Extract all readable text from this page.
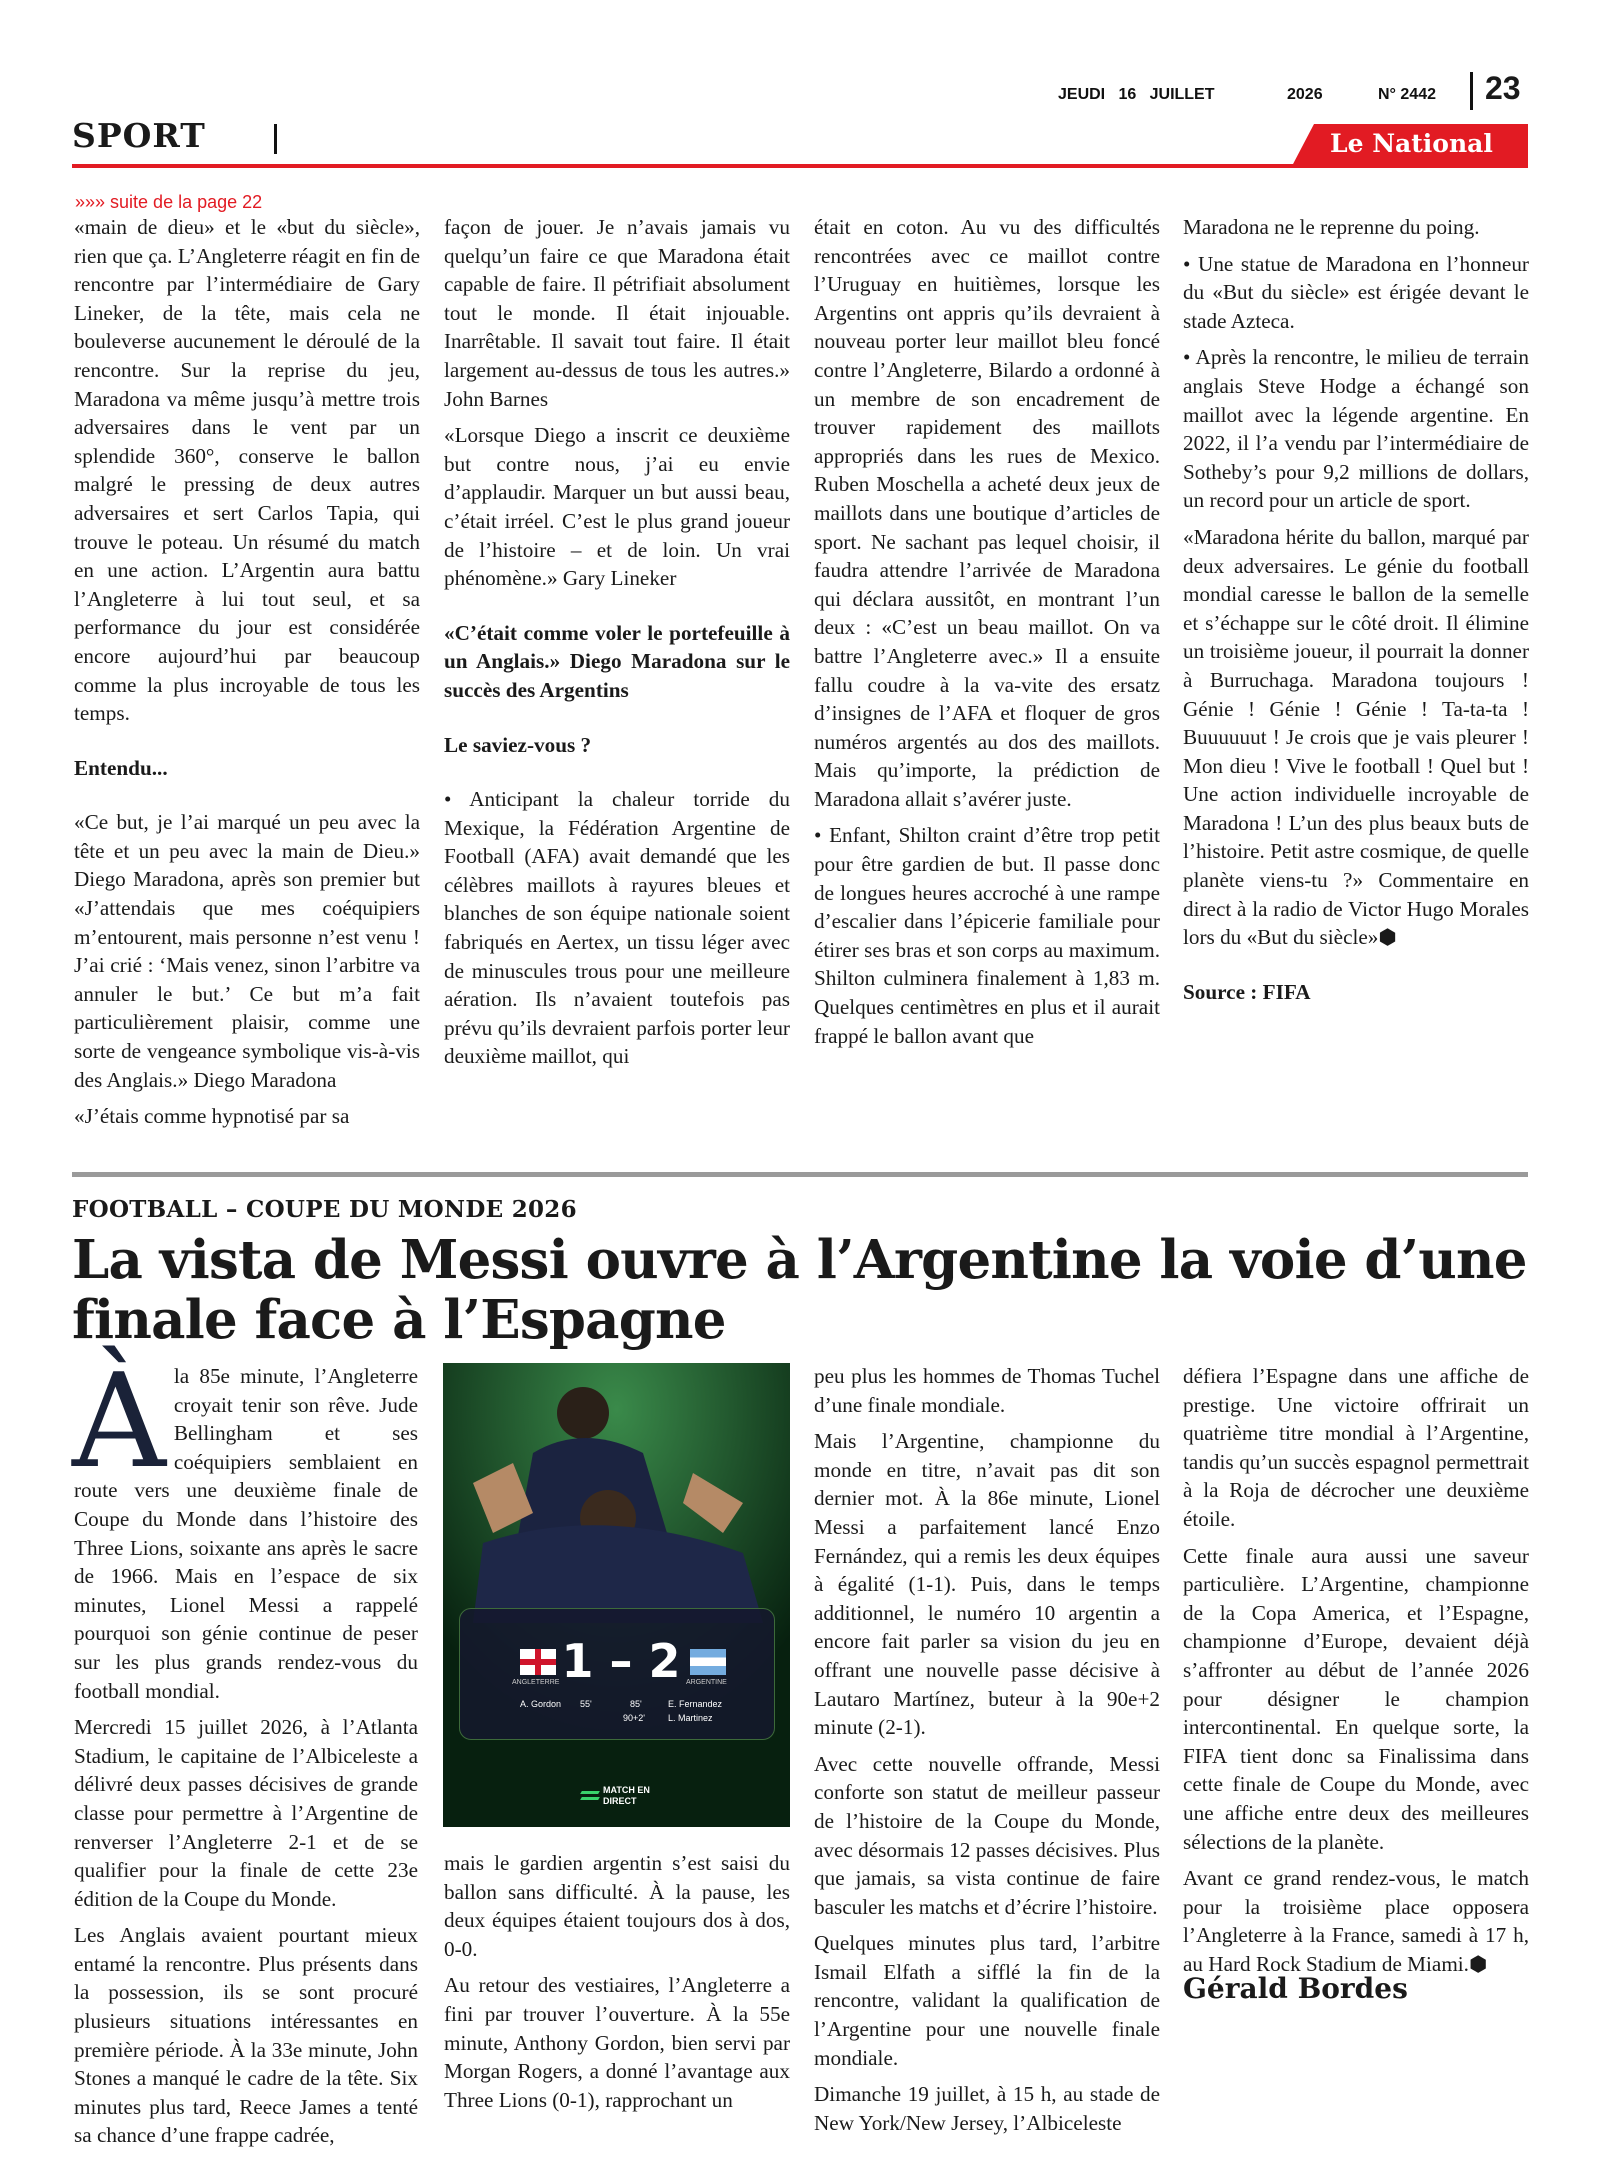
JEUDI 16 JUILLET	2026	N° 2442 23
SPORT	Le National
»»» suite de la page 22

«main de dieu» et le «but du siècle», rien que ça. L’Angleterre réagit en fin de rencontre par l’intermédiaire de Gary Lineker, de la tête, mais cela ne bouleverse aucunement le déroulé de la rencontre. Sur la reprise du jeu, Maradona va même jusqu’à mettre trois adversaires dans le vent par un splendide 360°, conserve le ballon malgré le pressing de deux autres adversaires et sert Carlos Tapia, qui trouve le poteau. Un résumé du match en une action. L’Argentin aura battu l’Angleterre à lui tout seul, et sa performance du jour est considérée encore aujourd’hui par beaucoup comme la plus incroyable de tous les temps.

Entendu...

«Ce but, je l’ai marqué un peu avec la tête et un peu avec la main de Dieu.» Diego Maradona, après son premier but «J’attendais que mes coéquipiers m’entourent, mais personne n’est venu ! J’ai crié : ‘Mais venez, sinon l’arbitre va annuler le but.’ Ce but m’a fait particulièrement plaisir, comme une sorte de vengeance symbolique vis-à-vis des Anglais.» Diego Maradona

«J’étais comme hypnotisé par sa

façon de jouer. Je n’avais jamais vu quelqu’un faire ce que Maradona était capable de faire. Il pétrifiait absolument tout le monde. Il était injouable. Inarrêtable. Il savait tout faire. Il était largement au-dessus de tous les autres.» John Barnes

«Lorsque Diego a inscrit ce deuxième but contre nous, j’ai eu envie d’applaudir. Marquer un but aussi beau, c’était irréel. C’est le plus grand joueur de l’histoire – et de loin. Un vrai phénomène.» Gary Lineker

«C’était comme voler le portefeuille à un Anglais.» Diego Maradona sur le succès des Argentins

Le saviez-vous ?

• Anticipant la chaleur torride du Mexique, la Fédération Argentine de Football (AFA) avait demandé que les célèbres maillots à rayures bleues et blanches de son équipe nationale soient fabriqués en Aertex, un tissu léger avec de minuscules trous pour une meilleure aération. Ils n’avaient toutefois pas prévu qu’ils devraient parfois porter leur deuxième maillot, qui

était en coton. Au vu des difficultés rencontrées avec ce maillot contre l’Uruguay en huitièmes, lorsque les Argentins ont appris qu’ils devraient à nouveau porter leur maillot bleu foncé contre l’Angleterre, Bilardo a ordonné à un membre de son encadrement de trouver rapidement des maillots appropriés dans les rues de Mexico. Ruben Moschella a acheté deux jeux de maillots dans une boutique d’articles de sport. Ne sachant pas lequel choisir, il faudra attendre l’arrivée de Maradona qui déclara aussitôt, en montrant l’un deux : «C’est un beau maillot. On va battre l’Angleterre avec.» Il a ensuite fallu coudre à la va-vite des ersatz d’insignes de l’AFA et floquer de gros numéros argentés au dos des maillots. Mais qu’importe, la prédiction de Maradona allait s’avérer juste.

• Enfant, Shilton craint d’être trop petit pour être gardien de but. Il passe donc de longues heures accroché à une rampe d’escalier dans l’épicerie familiale pour étirer ses bras et son corps au maximum. Shilton culminera finalement à 1,83 m. Quelques centimètres en plus et il aurait frappé le ballon avant que

Maradona ne le reprenne du poing.

• Une statue de Maradona en l’honneur du «But du siècle» est érigée devant le stade Azteca.

• Après la rencontre, le milieu de terrain anglais Steve Hodge a échangé son maillot avec la légende argentine. En 2022, il l’a vendu par l’intermédiaire de Sotheby’s pour 9,2 millions de dollars, un record pour un article de sport.

«Maradona hérite du ballon, marqué par deux adversaires. Le génie du football mondial caresse le ballon de la semelle et s’échappe sur le côté droit. Il élimine un troisième joueur, il pourrait la donner à Burruchaga. Maradona toujours ! Génie ! Génie ! Génie ! Ta-ta-ta ! Buuuuuut ! Je crois que je vais pleurer ! Mon dieu ! Vive le football ! Quel but ! Une action individuelle incroyable de Maradona ! L’un des plus beaux buts de l’histoire. Petit astre cosmique, de quelle planète viens-tu ?» Commentaire en direct à la radio de Victor Hugo Morales lors du «But du siècle»⬢

Source : FIFA

FOOTBALL – COUPE DU MONDE 2026
La vista de Messi ouvre à l’Argentine la voie d’une finale face à l’Espagne

Àla 85e minute, l’Angleterre croyait tenir son rêve. Jude Bellingham et ses coéquipiers semblaient en route vers une deuxième finale de Coupe du Monde dans l’histoire des Three Lions, soixante ans après le sacre de 1966. Mais en l’espace de six minutes, Lionel Messi a rappelé pourquoi son génie continue de peser sur les plus grands rendez-vous du football mondial.

Mercredi 15 juillet 2026, à l’Atlanta Stadium, le capitaine de l’Albiceleste a délivré deux passes décisives de grande classe pour permettre à l’Argentine de renverser l’Angleterre 2-1 et de se qualifier pour la finale de cette 23e édition de la Coupe du Monde.

Les Anglais avaient pourtant mieux entamé la rencontre. Plus présents dans la possession, ils se sont procuré plusieurs situations intéressantes en première période. À la 33e minute, John Stones a manqué le cadre de la tête. Six minutes plus tard, Reece James a tenté sa chance d’une frappe cadrée,

1 – 2
ANGLETERRE	ARGENTINE
A. Gordon 55'	85'	E. Fernandez
90+2'	L. Martinez
MATCH EN DIRECT

mais le gardien argentin s’est saisi du ballon sans difficulté. À la pause, les deux équipes étaient toujours dos à dos, 0-0.

Au retour des vestiaires, l’Angleterre a fini par trouver l’ouverture. À la 55e minute, Anthony Gordon, bien servi par Morgan Rogers, a donné l’avantage aux Three Lions (0-1), rapprochant un

peu plus les hommes de Thomas Tuchel d’une finale mondiale.

Mais l’Argentine, championne du monde en titre, n’avait pas dit son dernier mot. À la 86e minute, Lionel Messi a parfaitement lancé Enzo Fernández, qui a remis les deux équipes à égalité (1-1). Puis, dans le temps additionnel, le numéro 10 argentin a encore fait parler sa vision du jeu en offrant une nouvelle passe décisive à Lautaro Martínez, buteur à la 90e+2 minute (2-1).

Avec cette nouvelle offrande, Messi conforte son statut de meilleur passeur de l’histoire de la Coupe du Monde, avec désormais 12 passes décisives. Plus que jamais, sa vista continue de faire basculer les matchs et d’écrire l’histoire.

Quelques minutes plus tard, l’arbitre Ismail Elfath a sifflé la fin de la rencontre, validant la qualification de l’Argentine pour une nouvelle finale mondiale.

Dimanche 19 juillet, à 15 h, au stade de New York/New Jersey, l’Albiceleste

défiera l’Espagne dans une affiche de prestige. Une victoire offrirait un quatrième titre mondial à l’Argentine, tandis qu’un succès espagnol permettrait à la Roja de décrocher une deuxième étoile.

Cette finale aura aussi une saveur particulière. L’Argentine, championne de la Copa America, et l’Espagne, championne d’Europe, devaient déjà s’affronter au début de l’année 2026 pour désigner le champion intercontinental. En quelque sorte, la FIFA tient donc sa Finalissima dans cette finale de Coupe du Monde, avec une affiche entre deux des meilleures sélections de la planète.

Avant ce grand rendez-vous, le match pour la troisième place opposera l’Angleterre à la France, samedi à 17 h, au Hard Rock Stadium de Miami.⬢

Gérald Bordes
